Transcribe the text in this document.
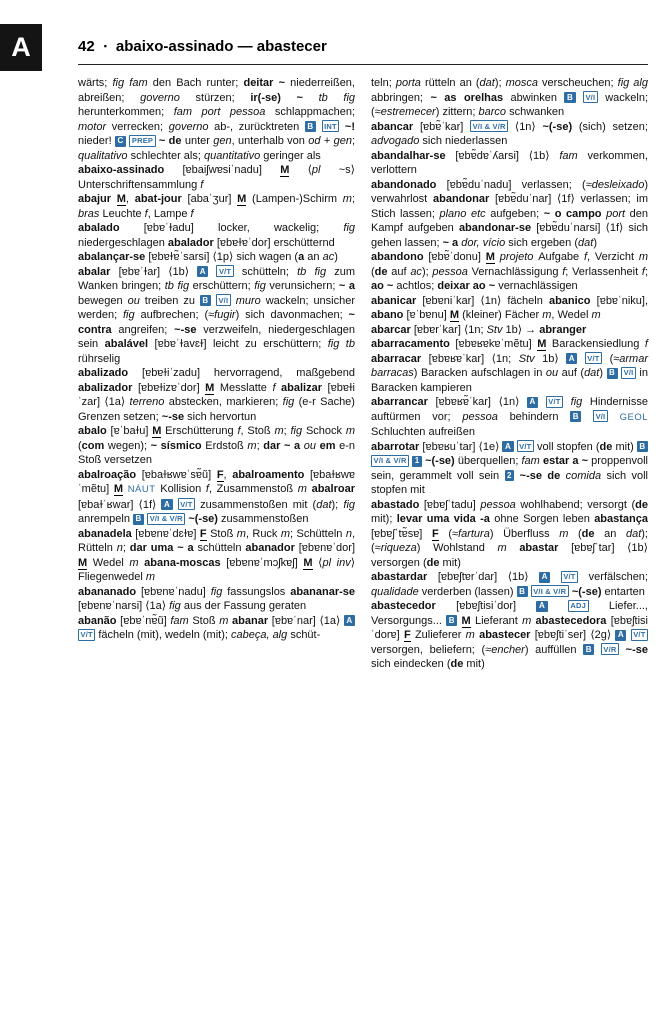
A	42 ▪ abaixo-assinado — abastecer

wärts; fig fam den Bach runter; deitar ~ niederreißen, abreißen; governo stürzen; ir(-se) ~ tb fig herunterkommen; fam port pessoa schlappmachen; motor verrecken; governo ab-, zurücktreten B INT ~! nieder! C PREP ~ de unter gen, unterhalb von od + gen; qualitativo schlechter als; quantitativo geringer als

abaixo-assinado [ɐbaiʃwɐsiˈnadu] M ⟨pl ~s⟩ Unterschriftensammlung f

abajur M, abat-jour [abaˈʒur] M (Lampen-)Schirm m; bras Leuchte f, Lampe f

abalado [ɐbɐˈɫadu] locker, wackelig; fig niedergeschlagen abalador [ɐbɐɫɐˈdor] erschütternd

abalançar-se [ɐbɐɫɐ̃ˈsarsi] ⟨1p⟩ sich wagen (a an ac)

abalar [ɐbɐˈɫar] ⟨1b⟩ A V/T schütteln; tb fig zum Wanken bringen; tb fig erschüttern; fig verunsichern; ~ a bewegen ou treiben zu B V/I muro wackeln; unsicher werden; fig aufbrechen; (≈fugir) sich davonmachen; ~ contra angreifen; ~-se verzweifeln, niedergeschlagen sein abalável [ɐbɐˈɫavɛɫ] leicht zu erschüttern; fig tb rührselig

abalizado [ɐbɐɫiˈzadu] hervorragend, maßgebend abalizador [ɐbɐɫizɐˈdor] M Messlatte f abalizar [ɐbɐɫiˈzar] ⟨1a⟩ terreno abstecken, markieren; fig (e-r Sache) Grenzen setzen; ~-se sich hervortun

abalo [ɐˈbaɫu] M Erschütterung f, Stoß m; fig Schock m (com wegen); ~ sísmico Erdstoß m; dar ~ a ou em e-n Stoß versetzen

abalroação [ɐbaɫʁwɐˈsɐ̃ũ] F, abalroamento [ɐbaɫʁwɐˈmẽtu] M NÁUT Kollision f, Zusammenstoß m abalroar [ɐbaɫˈʁwar] ⟨1f⟩ A V/T zusammenstoßen mit (dat); fig anrempeln B V/I & V/R ~(-se) zusammenstoßen

abanadela [ɐbɐnɐˈdɛɫɐ] F Stoß m, Ruck m; Schütteln n, Rütteln n; dar uma ~ a schütteln abanador [ɐbɐnɐˈdor] M Wedel m abana-moscas [ɐbɐnɐˈmɔʃkɐʃ] M ⟨pl inv⟩ Fliegenwedel m

abananado [ɐbɐnɐˈnadu] fig fassungslos abananar-se [ɐbɐnɐˈnarsi] ⟨1a⟩ fig aus der Fassung geraten

abanão [ɐbɐˈnɐ̃ũ] fam Stoß m abanar [ɐbɐˈnar] ⟨1a⟩ A V/T fächeln (mit), wedeln (mit); cabeça, alg schüt-

teln; porta rütteln an (dat); mosca verscheuchen; fig alg abbringen; ~ as orelhas abwinken B V/I wackeln; (≈estremecer) zittern; barco schwanken

abancar [ɐbɐ̃ˈkar] V/I & V/R ⟨1n⟩ ~(-se) (sich) setzen; advogado sich niederlassen

abandalhar-se [ɐbɐ̃dɐˈʎarsi] ⟨1b⟩ fam verkommen, verlottern

abandonado [ɐbɐ̃duˈnadu] verlassen; (≈desleixado) verwahrlost abandonar [ɐbɐ̃duˈnar] ⟨1f⟩ verlassen; im Stich lassen; plano etc aufgeben; ~ o campo port den Kampf aufgeben abandonar-se [ɐbɐ̃duˈnarsi] ⟨1f⟩ sich gehen lassen; ~ a dor, vício sich ergeben (dat)

abandono [ɐbɐ̃ˈdonu] M projeto Aufgabe f, Verzicht m (de auf ac); pessoa Vernachlässigung f; Verlassenheit f; ao ~ achtlos; deixar ao ~ vernachlässigen

abanicar [ɐbɐniˈkar] ⟨1n⟩ fächeln abanico [ɐbɐˈniku], abano [ɐˈbɐnu] M (kleiner) Fächer m, Wedel m

abarcar [ɐbɐrˈkar] ⟨1n; Stv 1b⟩ → abranger

abarracamento [ɐbɐʁɐkɐˈmẽtu] M Barackensiedlung f abarracar [ɐbɐʁɐˈkar] ⟨1n; Stv 1b⟩ A V/T (≈armar barracas) Baracken aufschlagen in ou auf (dat) B V/I in Baracken kampieren

abarrancar [ɐbɐʁɐ̃ˈkar] ⟨1n⟩ A V/T fig Hindernisse auftürmen vor; pessoa behindern B V/I GEOL Schluchten aufreißen

abarrotar [ɐbɐʁuˈtar] ⟨1e⟩ A V/T voll stopfen (de mit) B V/I & V/R 1 ~(-se) überquellen; fam estar a ~ proppenvoll sein, gerammelt voll sein 2 ~-se de comida sich voll stopfen mit

abastado [ɐbɐʃˈtadu] pessoa wohlhabend; versorgt (de mit); levar uma vida -a ohne Sorgen leben abastança [ɐbɐʃˈtɐ̃sɐ] F (≈fartura) Überfluss m (de an dat); (≈riqueza) Wohlstand m abastar [ɐbɐʃˈtar] ⟨1b⟩ versorgen (de mit)

abastardar [ɐbɐʃtɐrˈdar] ⟨1b⟩ A V/T verfälschen; qualidade verderben (lassen) B V/I & V/R ~(-se) entarten

abastecedor [ɐbɐʃtisiˈdor] A	ADJ Liefer..., Versorgungs... B M Lieferant m abastecedora [ɐbɐʃtisiˈdorɐ] F Zulieferer m abastecer [ɐbɐʃtiˈser] ⟨2g⟩ A V/T versorgen, beliefern; (≈encher) auffüllen B V/R ~-se sich eindecken (de mit)
